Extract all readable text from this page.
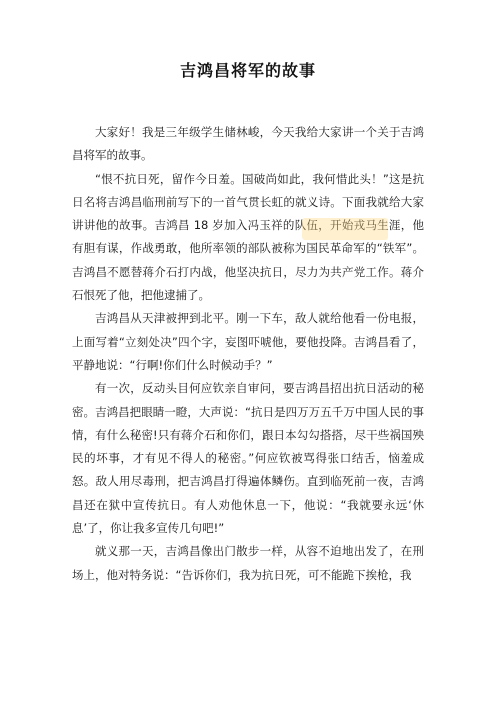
吉鸿昌将军的故事

大家好！我是三年级学生储林峻，今天我给大家讲一个关于吉鸿昌将军的故事。

“恨不抗日死，留作今日羞。国破尚如此，我何惜此头！”这是抗日名将吉鸿昌临刑前写下的一首气贯长虹的就义诗。下面我就给大家讲讲他的故事。吉鸿昌 18 岁加入冯玉祥的队伍，开始戎马生涯，他有胆有谋，作战勇敢，他所率领的部队被称为国民革命军的“铁军”。吉鸿昌不愿替蒋介石打内战，他坚决抗日，尽力为共产党工作。蒋介石恨死了他，把他逮捕了。

吉鸿昌从天津被押到北平。刚一下车，敌人就给他看一份电报，上面写着“立刻处决”四个字，妄图吓唬他，要他投降。吉鸿昌看了，平静地说：“行啊!你们什么时候动手？”

有一次，反动头目何应钦亲自审问，要吉鸿昌招出抗日活动的秘密。吉鸿昌把眼睛一瞪，大声说：“抗日是四万万五千万中国人民的事情，有什么秘密!只有蒋介石和你们，跟日本勾勾搭搭，尽干些祸国殃民的坏事，才有见不得人的秘密。”何应钦被骂得张口结舌，恼羞成怒。敌人用尽毒刑，把吉鸿昌打得遍体鳞伤。直到临死前一夜，吉鸿昌还在狱中宣传抗日。有人劝他休息一下，他说：“我就要永远‘休息’了，你让我多宣传几句吧!”

就义那一天，吉鸿昌像出门散步一样，从容不迫地出发了，在刑场上，他对特务说：“告诉你们，我为抗日死，可不能跪下挨枪，我
